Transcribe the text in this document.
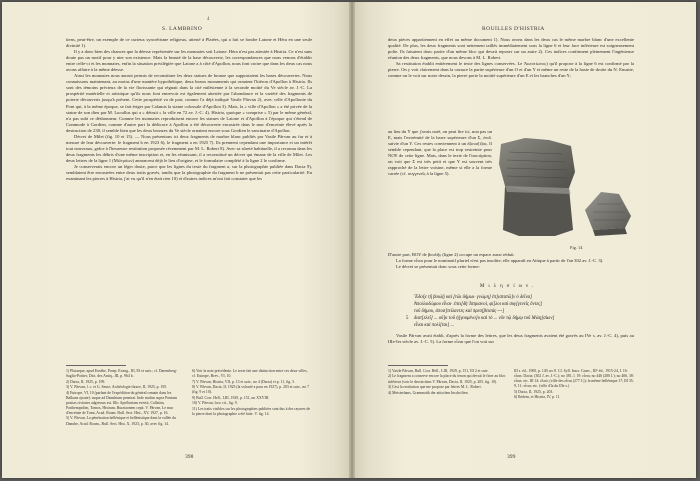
4
S. LAMBRINO

tiens, peut-être, un exemple de ce curieux syncrétisme religieux, attesté à Platées, qui a fait se fondre Latone et Héra en une seule divinité 1).

Il y a donc bien des chances que la déesse représentée sur les monnaies soit Latone. Héra n'est pas attestée à Histria. Ce n'est sans doute pas un motif pour y nier son existence. Mais la beauté de la base découverte, les correspondances que nous venons d'établir entre celle-ci et les monnaies, enfin la situation privilégiée que Latone a à côté d'Apollon, nous font croire que dans les deux cas nous avons affaire à la même déesse.

Ainsi les monnaies nous auront permis de reconstituer les deux statues de bronze que supportaient les bases découvertes. Nous connaissons maintenant, au moins d'une manière hypothétique, deux beaux monuments qui ornaient l'hiéron d'Apollon à Histria. Ils sont des témoins précieux de la vie florissante qui régnait dans la cité milésienne à la seconde moitié du Ve siècle av. J.-C. La prospérité matérielle et artistique qu'ils nous font entrevoir est également attestée par l'abondance et la variété des fragments de poterie découverts jusqu'à présent. Cette prospérité va de pair, comme l'a déjà indiqué Vasile Pârvan 2), avec celle d'Apollonie du Pont qui, à la même époque, se fait ériger par Calamis la statue colossale d'Apollon 3). Mais, la « ville d'Apollon » a été privée de la statue de son dieu par M. Lucullus qui a « détruit » la ville en 72 av. J.-C. 4). Histria, quoique « comprise » 5) par le même général, n'a pas subi ce déshonneur. Comme les monnaies reproduisent encore les statues de Latone et d'Apollon à l'époque qui s'étend de Commode à Gordien, comme d'autre part la dédicace à Apollon a été découverte encastrée dans le mur d'enceinte élevé après la destruction de 238, il semble bien que les deux bronzes du Ve siècle ornaient encore sous Gordien le sanctuaire d'Apollon.

Décret de Milet (fig. 10 et 15). — Nous présentons ici deux fragments de marbre blanc publiés par Vasile Pârvan au fur et à mesure de leur découverte: le fragment b en 1923 6), le fragment a en 1925 7). Ils prennent cependant une importance et un intérêt tout nouveaux, grâce à l'heureuse restitution proposée récemment par M. L. Robert 8). Avec sa sûreté habituelle, il a reconnu dans les deux fragments les débris d'une même inscription et, en les réunissant, il a reconstitué un décret qui émane de la ville de Milet. Les deux lettres de la ligne 1 (Μιλησίων) annoncent déjà le lieu d'origine, et le formulaire complété à la ligne 2 le confirme.

Je conserverais encore un léger doute, parce que les lignes du texte du fragment a, sur la photographie publiée dans Dacia 9), semblaient être encastrées entre deux traits gravés, tandis que la photographie du fragment b ne présentait pas cette particularité. En examinant les pierres à Histria, j'ai vu qu'il n'en était rien 10) et d'autres indices m'ont fait constater que les

1) Plutarque, apud Eusèbe, Praep. Evang., III, 83 et suiv.; cf. Daremberg-Saglio-Pottier, Dict. des Antiq., III, p. 964 b.

2) Dacia, II, 1925, p. 199.

3) V. Pârvan, l. c. et G. Seure, Archéologie thrace, II, 1925, p. 195.

4) Eutrope, VI, 10 (parlant de l'expédition du général romain dans les Balkans ajoute): usque ad Danubium penetrat. Inde multas supra Pontum positas civitates adgressus est. Illic Apolloniam evertit, Callatim, Parthenopolim, Tomos, Histrum, Burziaonem cepit. V. Pârvan, Le mur d'enceinte de Tomi, Acad. Roum. Bull. Sect. Hist., XV, 1927, p. 16.

5) V. Pârvan, La pénétration hellénique et hellénistique dans la vallée du Danube, Acad. Roum., Bull. Sect. Hist. X, 1923, p. 30, avec fig. 14.

6) Voir la note précédente. Le texte fait une distinction entre ces deux villes, cf. Eutrope, Brev., VI, 10.

7) V. Pârvan, Histria, VII, p. 13 et suiv., no 4 (Dacia) et p. 11, fig. 5.

8) V. Pârvan, Dacia, II, 1925 (la volonté a paru en 1927), p. 203 et suiv., no 7 (fig. 9 et 10).

9) Bull. Corr. Hell., LIII, 1929, p. 151, no XXVIII.

10) V. Pârvan, loco cit., fig. 9.

11) Les traits visibles sur les photographies publiées sont dus à des rayures de la pierre dont la photographie a été faite. V. fig. 14.

398
ROUILLES D'HISTRIA

deux pièces appartiennent en effet au même document 1). Nous avons dans les deux cas le même marbre blanc d'une excellente qualité. De plus, les deux fragments sont nettement taillés immédiatement sous la ligne 6 et leur face inférieure est soigneusement polie. Ils faisaient donc partie d'un même bloc qui devait reposer sur un autre 2). Ces indices confirment pleinement l'ingénieuse réunion des deux fragments, que nous devons à M. L. Robert.

Sa restitution établit entièrement le texte des lignes conservées. Le Ἀκεστίωνος) qu'il propose à la ligne 6 est confirmé par la pierre. On y voit clairement dans la cassure la partie supérieure d'un O et d'un Y et même un reste de la haste de droite du N. Ensuite, comme on le voit sur notre dessin, la pierre porte la moitié supérieure d'un E et les branches d'un Y;

au lieu du Y que j'avais noté, on peut lire ici, non pas un Ε, mais l'extrémité de la barre supérieure d'un Σ, ἐπιδ. suivie d'un Y. Ces restes conviennent à un ἐξουσ[ί]ας. Il semble cependant, que la place est trop restreinte pour ΝΟΥ de cette ligne. Mais, dans le texte de l'inscription, on voit que Σ est très petit et que Y est souvent très rapproché de la lettre voisine, même si elle a la forme carrée (cf. συγγενεῖς à la ligne 5).

Fig. 14

D'autre part, ΒΟΥ de βουλῆς (ligne 2) occupe un espace aussi réduit.

La forme εἶναι pour le nominatif pluriel n'est pas insolite; elle apparaît en Attique à partir de l'an 302 av. J.-C. 3).

Le décret se présentait donc sous cette forme:

Μ ι λ η σ ί ω ν .
Ἔδοξε τῇ βουλῇ καὶ [τῶι δήμωι· γνώμη] ἐπ[ιστατῶ]ν ὁ δεῖνα]
Ἀπολλοδώρου εἶναι· ἐπει[δὴ Ἰστριανοὶ, φί]λοι καὶ συγ[γενεῖς ὄντες]
τοῦ δήμου, ἀποσ]τείλαντες καὶ πρεσ[βευτὰς ---]
5 διατ[ελεῖ] ... οὔ]κ τοῦ ἡ[γουμένο]υ καὶ τὸ ... νῦν τῷ δήμῳ τοῦ Μιλη[σίων]
εἶναι καὶ πολί[ται] ...

Vasile Pârvan avait établi, d'après la forme des lettres, que les deux fragments avaient été gravés au IVe s. av. J.-C. 4), puis au IIIe-Ier siècle av. J.-C. 5). La forme εἶναι que l'on voit sur

1) Vasile Pârvan, Bull. Corr. Hell., LIII, 1929, p. 151, III 2 et suiv.

2) Le fragment a conserve encore la place du tenon qui devait le fixer au bloc inférieur (voir le dessin dans V. Pârvan, Dacia, II, 1925, p. 205, fig. 10).

3) Cest la restitution que me propose par lettres M. L. Robert.

4) Meisterhans, Grammatik der attischen Inschriften.

III s. éd., 1900, p. 149, no 8. Cf. Syll. Inscr. Graec., III³ éd., 1915-24, I. 16: εἶναι; Dacia; (302 J. av. J.-C.); no 381, l. 19: εἶναι; no 446 (280 J.); no 406, 38: εἶναι; etc. III 14: ἐλαύ; (ville des εἶναι (277 J.)); la même hellénique 17; III 35, 9, 11: εἶναι; etc. (ville d'la du IIIe s.)

5) Dacia, II, 1925, p. 203.

6) Ibidem, et Histria, IV, p. 11.

399
